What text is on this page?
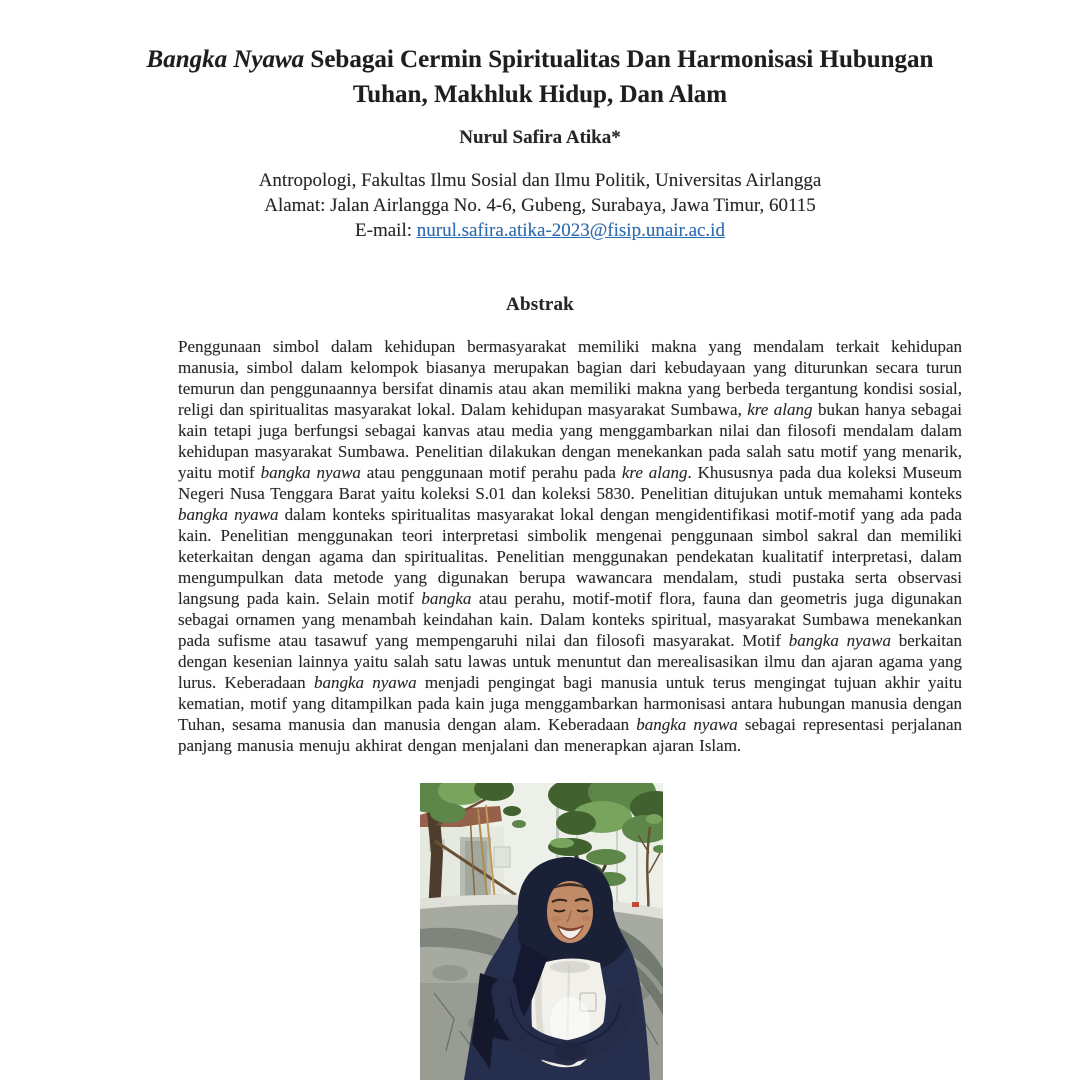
Bangka Nyawa Sebagai Cermin Spiritualitas Dan Harmonisasi Hubungan
Tuhan, Makhluk Hidup, Dan Alam
Nurul Safira Atika*
Antropologi, Fakultas Ilmu Sosial dan Ilmu Politik, Universitas Airlangga
Alamat: Jalan Airlangga No. 4-6, Gubeng, Surabaya, Jawa Timur, 60115
E-mail: nurul.safira.atika-2023@fisip.unair.ac.id
Abstrak

Penggunaan simbol dalam kehidupan bermasyarakat memiliki makna yang mendalam terkait kehidupan manusia, simbol dalam kelompok biasanya merupakan bagian dari kebudayaan yang diturunkan secara turun temurun dan penggunaannya bersifat dinamis atau akan memiliki makna yang berbeda tergantung kondisi sosial, religi dan spiritualitas masyarakat lokal. Dalam kehidupan masyarakat Sumbawa, kre alang bukan hanya sebagai kain tetapi juga berfungsi sebagai kanvas atau media yang menggambarkan nilai dan filosofi mendalam dalam kehidupan masyarakat Sumbawa. Penelitian dilakukan dengan menekankan pada salah satu motif yang menarik, yaitu motif bangka nyawa atau penggunaan motif perahu pada kre alang. Khususnya pada dua koleksi Museum Negeri Nusa Tenggara Barat yaitu koleksi S.01 dan koleksi 5830. Penelitian ditujukan untuk memahami konteks bangka nyawa dalam konteks spiritualitas masyarakat lokal dengan mengidentifikasi motif-motif yang ada pada kain. Penelitian menggunakan teori interpretasi simbolik mengenai penggunaan simbol sakral dan memiliki keterkaitan dengan agama dan spiritualitas. Penelitian menggunakan pendekatan kualitatif interpretasi, dalam mengumpulkan data metode yang digunakan berupa wawancara mendalam, studi pustaka serta observasi langsung pada kain. Selain motif bangka atau perahu, motif-motif flora, fauna dan geometris juga digunakan sebagai ornamen yang menambah keindahan kain. Dalam konteks spiritual, masyarakat Sumbawa menekankan pada sufisme atau tasawuf yang mempengaruhi nilai dan filosofi masyarakat. Motif bangka nyawa berkaitan dengan kesenian lainnya yaitu salah satu lawas untuk menuntut dan merealisasikan ilmu dan ajaran agama yang lurus. Keberadaan bangka nyawa menjadi pengingat bagi manusia untuk terus mengingat tujuan akhir yaitu kematian, motif yang ditampilkan pada kain juga menggambarkan harmonisasi antara hubungan manusia dengan Tuhan, sesama manusia dan manusia dengan alam. Keberadaan bangka nyawa sebagai representasi perjalanan panjang manusia menuju akhirat dengan menjalani dan menerapkan ajaran Islam.
